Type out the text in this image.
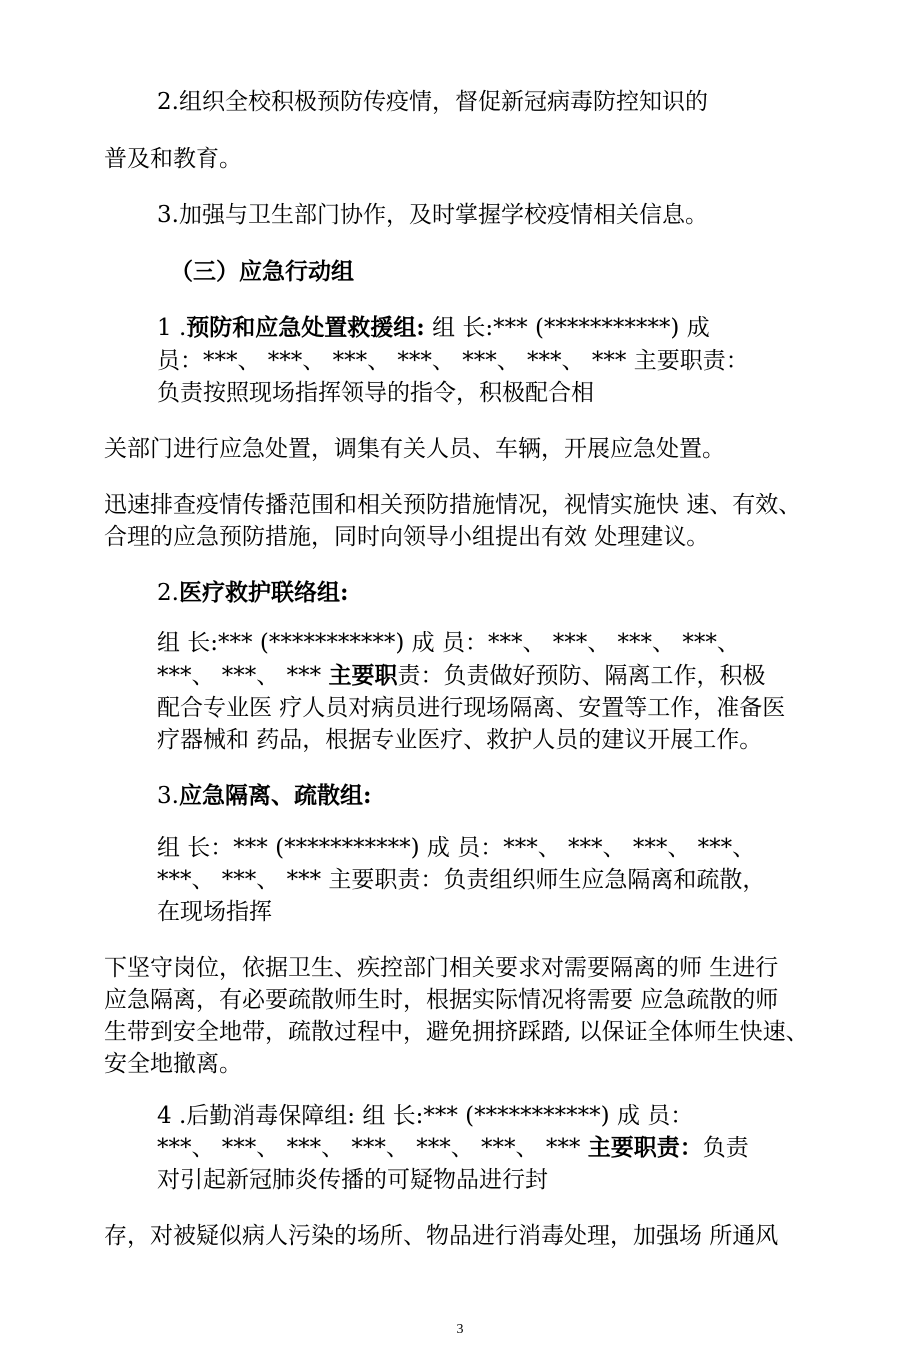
2.组织全校积极预防传疫情，督促新冠病毒防控知识的
普及和教育。
3.加强与卫生部门协作，及时掌握学校疫情相关信息。
（三）应急行动组
1 .预防和应急处置救援组: 组 长:*** (***********) 成
员：***、 ***、 ***、 ***、 ***、 ***、 *** 主要职责：
负责按照现场指挥领导的指令，积极配合相
关部门进行应急处置，调集有关人员、车辆，开展应急处置。
迅速排查疫情传播范围和相关预防措施情况，视情实施快 速、有效、
合理的应急预防措施，同时向领导小组提出有效 处理建议。
2.医疗救护联络组:
组 长:*** (***********) 成 员：***、 ***、 ***、 ***、
***、 ***、 *** 主要职责：负责做好预防、隔离工作，积极
配合专业医 疗人员对病员进行现场隔离、安置等工作，准备医
疗器械和 药品，根据专业医疗、救护人员的建议开展工作。
3.应急隔离、疏散组:
组 长：*** (***********) 成 员：***、 ***、 ***、 ***、
***、 ***、 *** 主要职责：负责组织师生应急隔离和疏散，
在现场指挥
下坚守岗位，依据卫生、疾控部门相关要求对需要隔离的师 生进行
应急隔离，有必要疏散师生时，根据实际情况将需要 应急疏散的师
生带到安全地带，疏散过程中，避免拥挤踩踏, 以保证全体师生快速、
安全地撤离。
4 .后勤消毒保障组: 组 长:*** (***********) 成 员：
***、 ***、 ***、 ***、 ***、 ***、 *** 主要职责：负责
对引起新冠肺炎传播的可疑物品进行封
存，对被疑似病人污染的场所、物品进行消毒处理，加强场 所通风
3
